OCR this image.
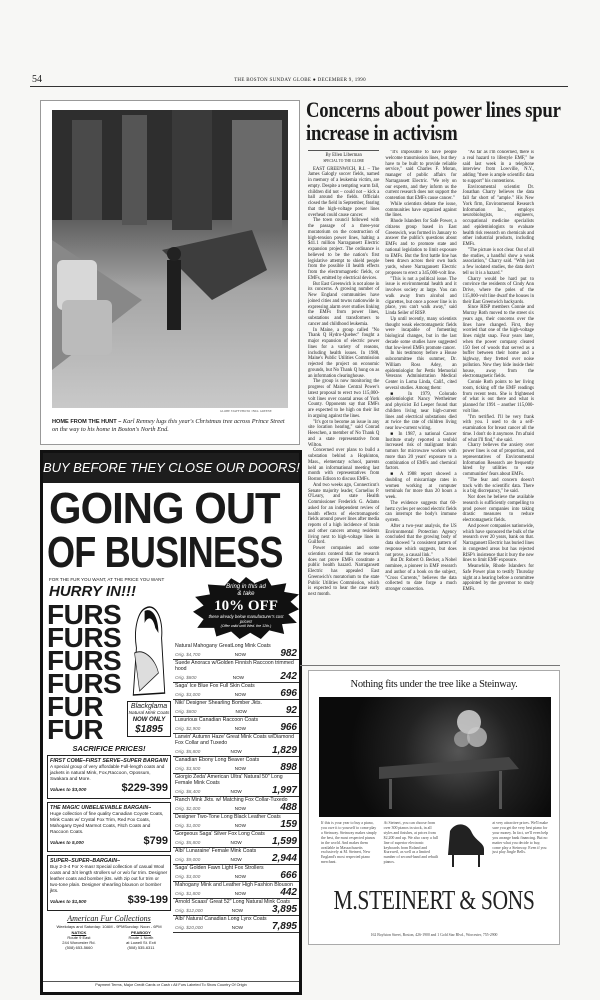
54	THE BOSTON SUNDAY GLOBE ● DECEMBER 9, 1990
GLOBE STAFF PHOTO / BILL GREENE
HOME FROM THE HUNT – Karl Renney lugs this year's Christmas tree across Prince Street on the way to his home in Boston's North End.
BUY BEFORE THEY CLOSE OUR DOORS!
GOING OUT
OF BUSINESS
FOR THE FUR YOU WANT, AT THE PRICE YOU WANT
HURRY IN!!!	Bring in this ad
& take
10% OFF
these already below manufacturer's cost prices!
(Offer valid until Wed. the 12th.)
FURS
FURS
FURS
FURS
FUR
FUR
Blackglama
Natural Mink Coats
NOW ONLY
$1895
Natural Mahogany GreatLong Mink Coats
Orig. $4,700	NOW	982
Suede Anoracs w/Golden Finnish Raccoon trimmed hood
Orig. $800	NOW	242
Saga' Ice Blue Fox Full Skin Coats
Orig. $3,000	NOW	696
Niki' Designer Shearling Bomber Jkts.
Orig. $800	NOW	92
Luxurious Canadian Raccoon Coats
Orig. $2,900	NOW	966
Lanvin' Autumn Haze' Great Mink Coats w/Diamond Fox Collar and Tuxedo
Orig. $5,800	NOW	1,829
Canadian Ebony Long Beaver Coats
Orig. $3,500	NOW	898
Giorgio Zeda' American Ultra' Natural 50" Long Female Mink Coats
Orig. $8,400	NOW	1,997
Ranch Mink Jkts. w/ Matching Fox Collar-Tuxedo
Orig. $2,000	NOW	488
Designer Two-Tone Long Black Leather Coats
Orig. $1,000	NOW	159
Gorgeous Saga' Silver Fox Long Coats
Orig. $5,800	NOW	1,599
Albi' Lunaraine' Female Mink Coats
Orig. $9,000	NOW	2,944
Saga' Golden Fawn Light Fox Strollers
Orig. $3,000	NOW	666
Mahogany Mink and Leather High Fashion Blouson
Orig. $1,800	NOW	442
Arnold Scaasi' Great 52" Long Natural Mink Coats
Orig. $12,000	NOW	3,895
Albi' Natural Canadian Long Lynx Coats
Orig. $20,000	NOW	7,895
SACRIFICE PRICES!
FIRST COME–FIRST SERVE–SUPER BARGAIN
A special group of very affordable Full-length coats and jackets in natural Mink, Fox,Raccoon, Opossum, Swakara and More.
Values to $3,000	$229-399
THE MAGIC UNBELIEVABLE BARGAIN–
Huge collection of fine quality Canadian Coyote Coats, Mink Coats w/ Crystal Fox Trim, Red Fox Coats, Mahogany Dyed Marmot Coats, Fitch Coats and Raccoon Coats.
Values to 5,000	$799
SUPER–SUPER–BARGAIN–
Buy 2-3-4 For X-mas! Special collection of casual Wool coats and 3/4 length strollers w/ or w/o fur trim. Designer leather coats and bomber jkts. with zip out fur trim or two-tone plain. Designer shearling blouson or bomber jkts.
Values to $1,500	$39-199
American Fur Collections
Weekdays and Saturday: 10AM - 9PMSunday: Noon - 6PM
NATICK
Route 9 East
244 Worcester Rd.
(508) 653-5660
PEABODY
Route 1 North
at Lowell St. Exit
(508) 535-6311
Payment Terms, Major Credit Cards or Cash • All Furs Labeled To Show Country Of Origin
Concerns about power lines spur increase in activism
By Ellen Liberman
SPECIAL TO THE GLOBE

EAST GREENWICH, R.I. – The James Galogly soccer fields, named in memory of a leukemia victim, are empty. Despite a tempting warm fall, children did not – could not – kick a ball around the fields. Officials closed the field in September, fearing that the high-voltage power lines overhead could cause cancer.

The town council followed with the passage of a three-year moratorium on the construction of high-tension power lines, halting a $41.1 million Narragansett Electric expansion project. The ordinance is believed to be the nation's first legislative attempt to shield people from the possible ill health effects from the electromagnetic fields, or EMFs, emitted by electrical devices.

But East Greenwich is not alone in its concerns. A growing number of New England communities have joined cities and towns nationwide in expressing alarm over studies linking the EMFs from power lines, substations and transformers to cancer and childhood leukemia.

In Maine, a group called "No Thank Q Hydro-Quebec" fought a major expansion of electric power lines for a variety of reasons, including health issues. In 1988, Maine's Public Utilities Commission rejected the project on economic grounds, but No Thank Q hung on as an information clearinghouse.

The group is now monitoring the progress of Maine Central Power's latest proposal to erect two 115,000-volt lines over coastal areas of York County. Opponents say that EMFs are expected to be high on their list in arguing against the lines.

"It's got to become an issue in any site location hearing," said Conrad Heeschen, a member of No Thank Q and a state representative from Wilton.

Concerned over plans to build a substation behind a Hopkinton, Mass., elementary school, parents held an informational meeting last month with representatives from Boston Edison to discuss EMFs.

And two weeks ago, Connecticut's Senate majority leader, Cornelius P. O'Leary, and state Health Commissioner Frederick G. Adams asked for an independent review of health effects of electromagnetic fields around power lines after media reports of a high incidence of brain and other cancers among residents living next to high-voltage lines in Guilford.

Power companies and some scientists contend that the research does not prove EMFs constitute a public health hazard. Narragansett Electric has appealed East Greenwich's moratorium to the state Public Utilities Commission, which is expected to hear the case early next month.

"It's impossible to have people welcome transmission lines, but they have to be built to provide reliable service," said Charles F. Moran, manager of public affairs for Narragansett Electric. "We rely on our experts, and they inform us the current research does not support the contention that EMFs cause cancer."

While scientists debate the issue, communities have organized against the lines.

Rhode Islanders for Safe Power, a citizens group based in East Greenwich, was formed in January to answer the public's questions about EMFs and to promote state and national legislation to limit exposure to EMFs. But the first battle line has been drawn across their own back yards, where Narragansett Electric proposes to erect a 345,000-volt line.

"This is not a political issue. The issue is environmental health and it involves society at large. You can walk away from alcohol and cigarettes, but once a power line is in place, you can't walk away," said Linda Seiler of RISP.

Up until recently, many scientists thought weak electromagnetic fields were incapable of fomenting biological changes, but in the last decade some studies have suggested that low-level EMFs promote cancer.

In his testimony before a House subcommittee this summer, Dr. William Ross Adey, an epidemiologist for Pettis Memorial Veterans Administration Medical Center in Loma Linda, Calif., cited several studies. Among them:

■ In 1979, Colorado epidemiologist Nancy Wertheimer and physicist Ed Leeper found that children living near high-current lines and electrical substations died at twice the rate of children living near low-current wiring.

■ In 1987, a national Cancer Institute study reported a tenfold increased risk of malignant brain tumors for microwave workers with more than 20 years' exposure to a combination of EMFs and chemical factors.

■ A 1988 report showed a doubling of miscarriage rates in women working at computer terminals for more than 20 hours a week.

The evidence suggests that 60-hertz cycles per second electric fields can interrupt the body's immune system.

After a two-year analysis, the US Environmental Protection Agency concluded that the growing body of data showed "a consistent pattern of response which suggests, but does not prove, a causal link."

But Dr. Robert O. Becker, a Nobel nominee, a pioneer in EMF research and author of a book on the subject, "Cross Currents," believes the data collected to date forge a much stronger connection.

"As far as I'm concerned, there is a real hazard to lifestyle EMF," he said last week in a telephone interview from Lowville, N.Y., adding "there is ample scientific data to support" his contentions.

Environmental scientist Dr. Jonathan Charry believes the data fall far short of "ample." His New York firm, Environmental Research Information Inc., employs neurobiologists, engineers, occupational medicine specialists and epidemiologists to evaluate health risk research on chemicals and other industrial products, including EMFs.

"The picture is not clear. Out of all the studies, a handful show a weak association," Charry said. "With just a few isolated studies, the data don't tell us it is a hazard."

Charry would be hard put to convince the residents of Cindy Ann Drive, where the poles of the 115,000-volt line dwarf the houses in their East Greenwich backyards.

Since RISP members Connie and Murray Roth moved to the street six years ago, their concerns over the lines have changed. First, they worried that one of the high-voltage lines might snap. Four years later, when the power company cleared 150 feet of woods that served as a buffer between their home and a highway, they fretted over noise pollution. Now they hide inside their house, away from the electromagnetic fields.

Connie Roth points to her living room, ticking off the EMF readings from recent tests. She is frightened of what is out there and what is planned for 1991 – another 115,000-volt line.

"I'm terrified. I'll be very frank with you. I used to do a self-examination for breast cancer all the time. I don't do it anymore. I'm afraid of what I'll find," she said.

Charry believes the anxiety over power lines is out of proportion, and representatives of Environmental Information Research are frequently hired by utilities to ease communities' fears about EMFs.

"The fear and concern doesn't track with the scientific data. There is a big discrepancy," he said.

Nor does he believe the available research is sufficiently compelling to prod power companies into taking drastic measures to reduce electromagnetic fields.

And power companies nationwide, which have sponsored the bulk of the research over 20 years, bank on that. Narragansett Electric has buried lines in congested areas but has rejected RISP's insistence that it bury the new lines to limit EMF exposure.

Meanwhile, Rhode Islanders for Safe Power plan to testify Thursday night at a hearing before a committee appointed by the governor to study EMFs.

Nothing fits under the tree like a Steinway.
If this is your year to buy a piano, you owe it to yourself to come play a Steinway. Steinway makes simply the best, the most respected pianos in the world. And makes them available in Massachusetts exclusively at M. Steinert, New England's most respected piano merchant.
At Steinert, you can choose from over 300 pianos in stock, in all styles and finishes, at prices from $2,200 and up. We also carry a full line of superior electronic keyboards from Roland and Kurzweil, as well as a limited number of second-hand and rebuilt pianos.
at very attractive prices. We'll make sure you get the very best piano for your money. In fact, we'll even help you arrange bank financing. But no matter what you decide to buy, come play a Steinway. Even if you just play Jingle Bells.
M.STEINERT & SONS
162 Boylston Street, Boston, 426-1900 and 1 Gold Star Blvd., Worcester, 755-2900
